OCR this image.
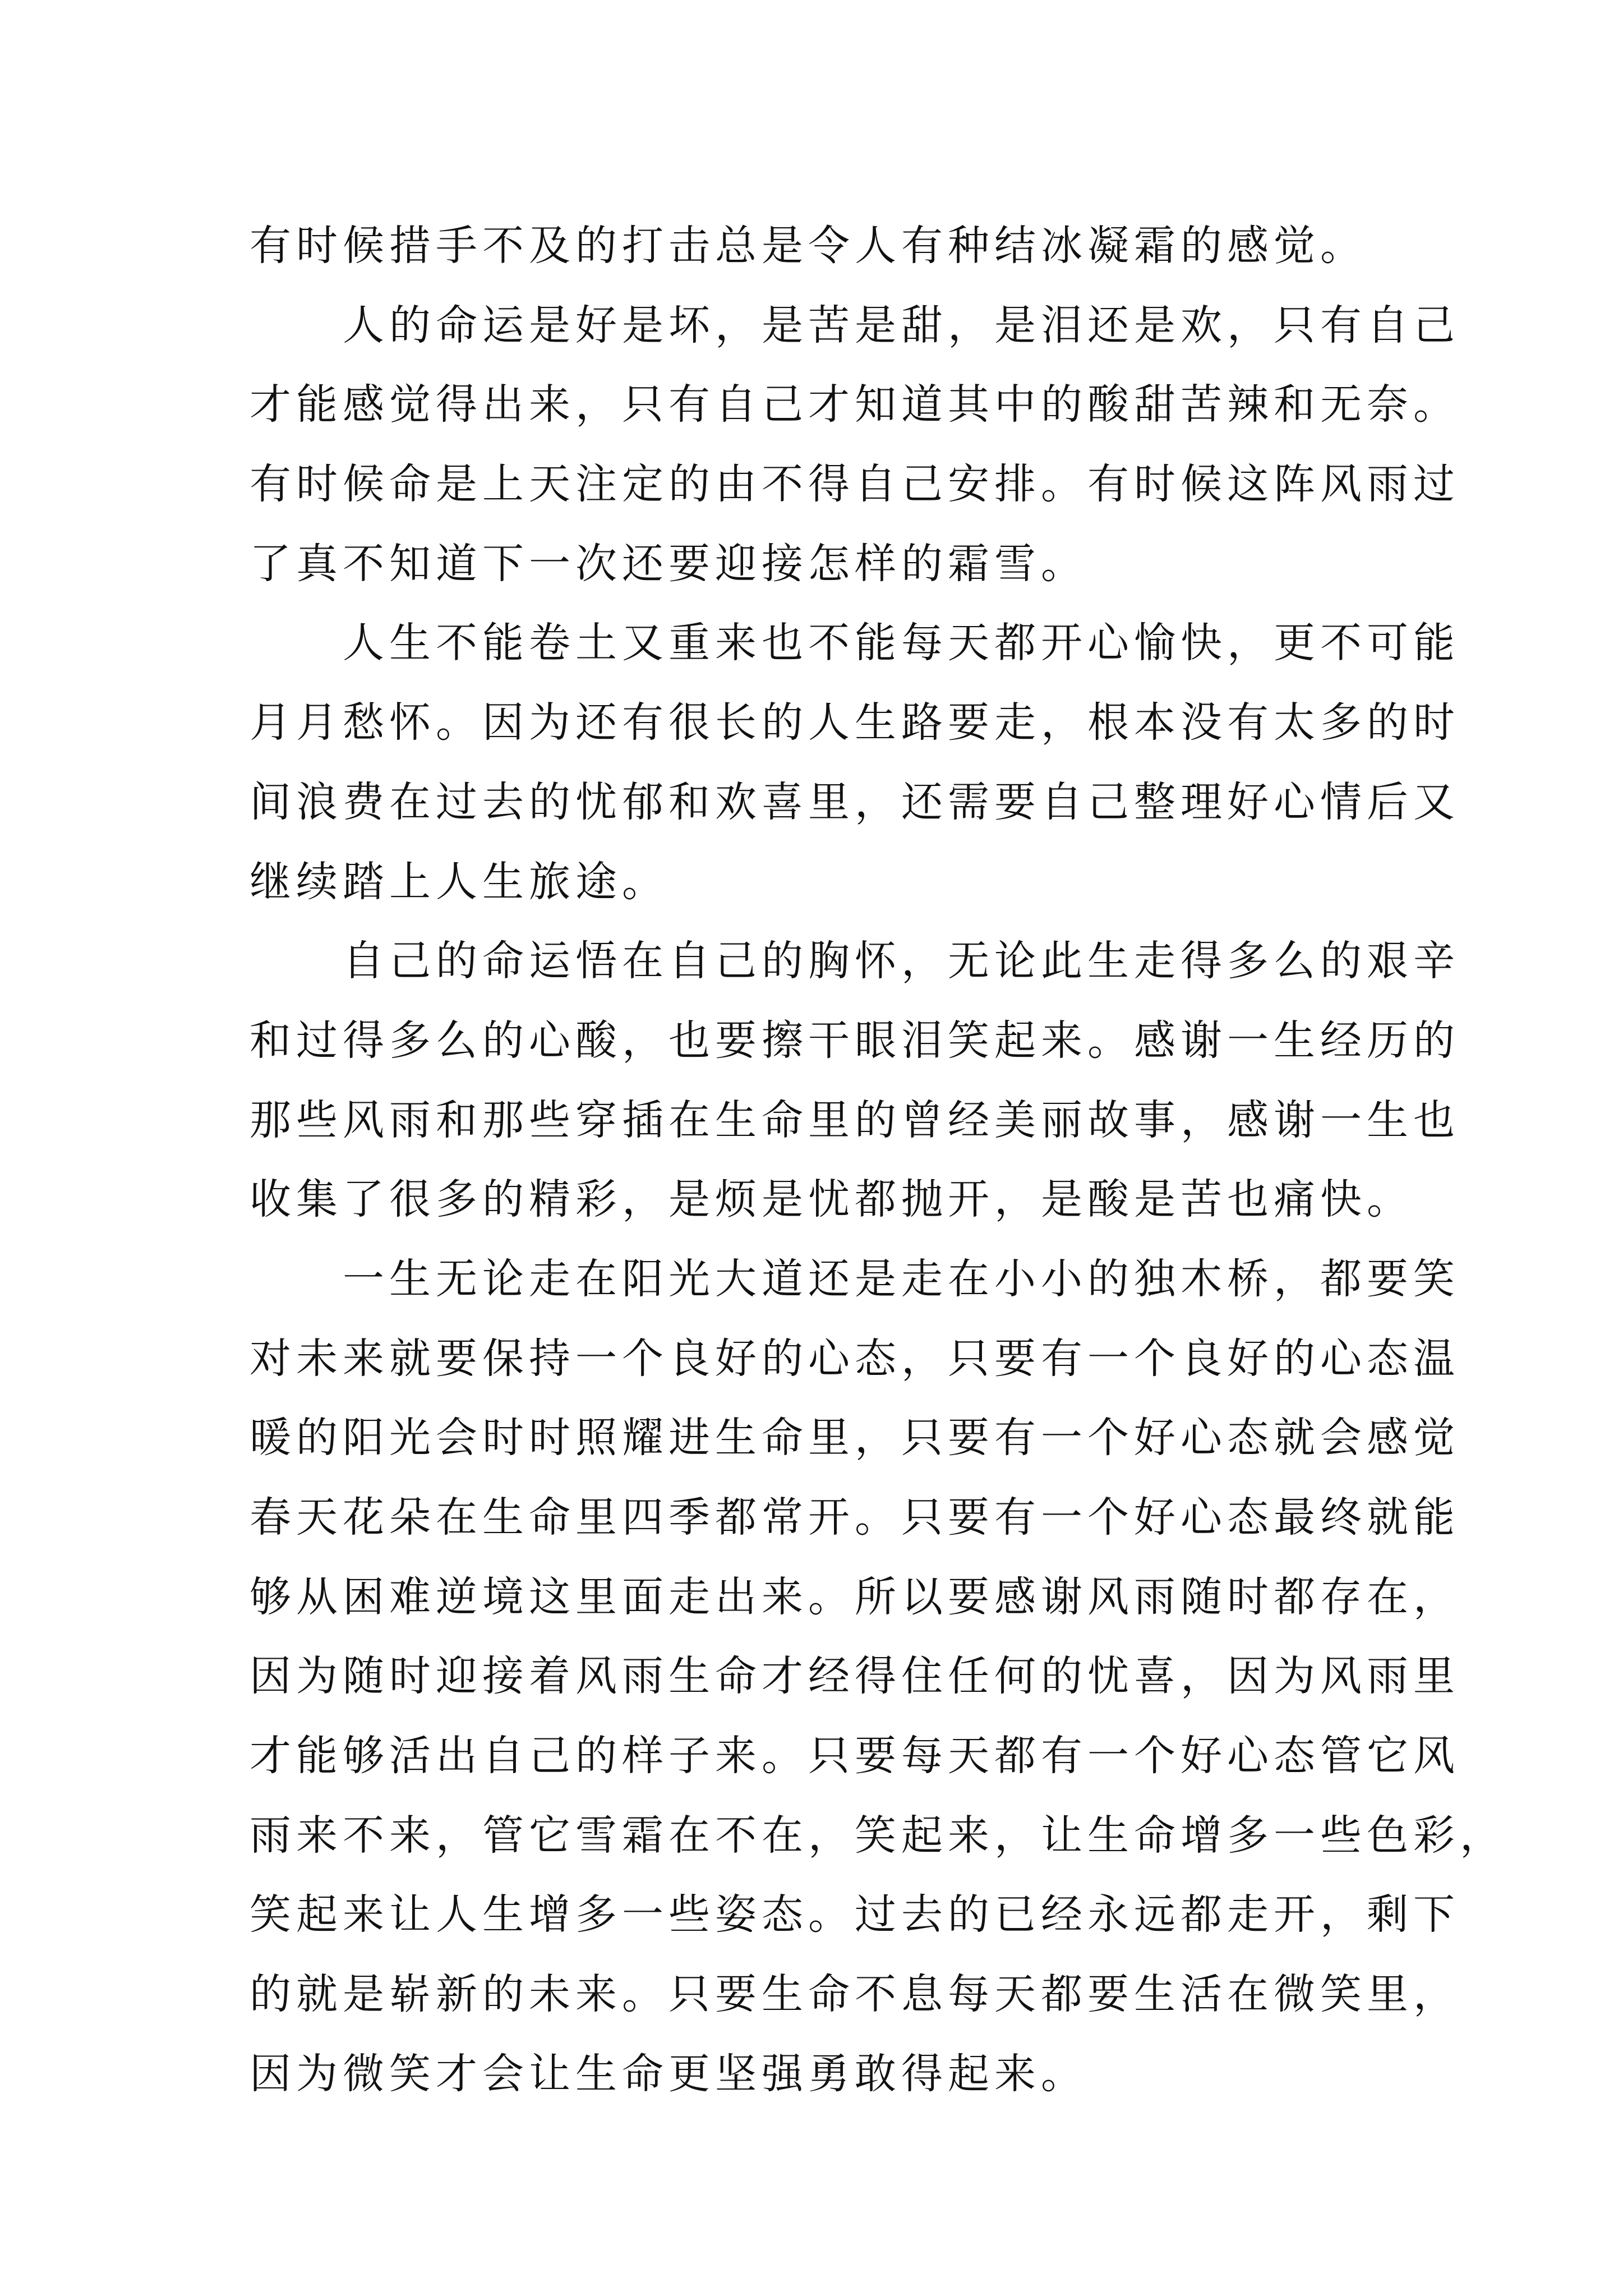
有时候措手不及的打击总是令人有种结冰凝霜的感觉。
人的命运是好是坏，是苦是甜，是泪还是欢，只有自己
才能感觉得出来，只有自己才知道其中的酸甜苦辣和无奈。
有时候命是上天注定的由不得自己安排。有时候这阵风雨过
了真不知道下一次还要迎接怎样的霜雪。
人生不能卷土又重来也不能每天都开心愉快，更不可能
月月愁怀。因为还有很长的人生路要走，根本没有太多的时
间浪费在过去的忧郁和欢喜里，还需要自己整理好心情后又
继续踏上人生旅途。
自己的命运悟在自己的胸怀，无论此生走得多么的艰辛
和过得多么的心酸，也要擦干眼泪笑起来。感谢一生经历的
那些风雨和那些穿插在生命里的曾经美丽故事，感谢一生也
收集了很多的精彩，是烦是忧都抛开，是酸是苦也痛快。
一生无论走在阳光大道还是走在小小的独木桥，都要笑
对未来就要保持一个良好的心态，只要有一个良好的心态温
暖的阳光会时时照耀进生命里，只要有一个好心态就会感觉
春天花朵在生命里四季都常开。只要有一个好心态最终就能
够从困难逆境这里面走出来。所以要感谢风雨随时都存在，
因为随时迎接着风雨生命才经得住任何的忧喜，因为风雨里
才能够活出自己的样子来。只要每天都有一个好心态管它风
雨来不来，管它雪霜在不在，笑起来，让生命增多一些色彩，
笑起来让人生增多一些姿态。过去的已经永远都走开，剩下
的就是崭新的未来。只要生命不息每天都要生活在微笑里，
因为微笑才会让生命更坚强勇敢得起来。
